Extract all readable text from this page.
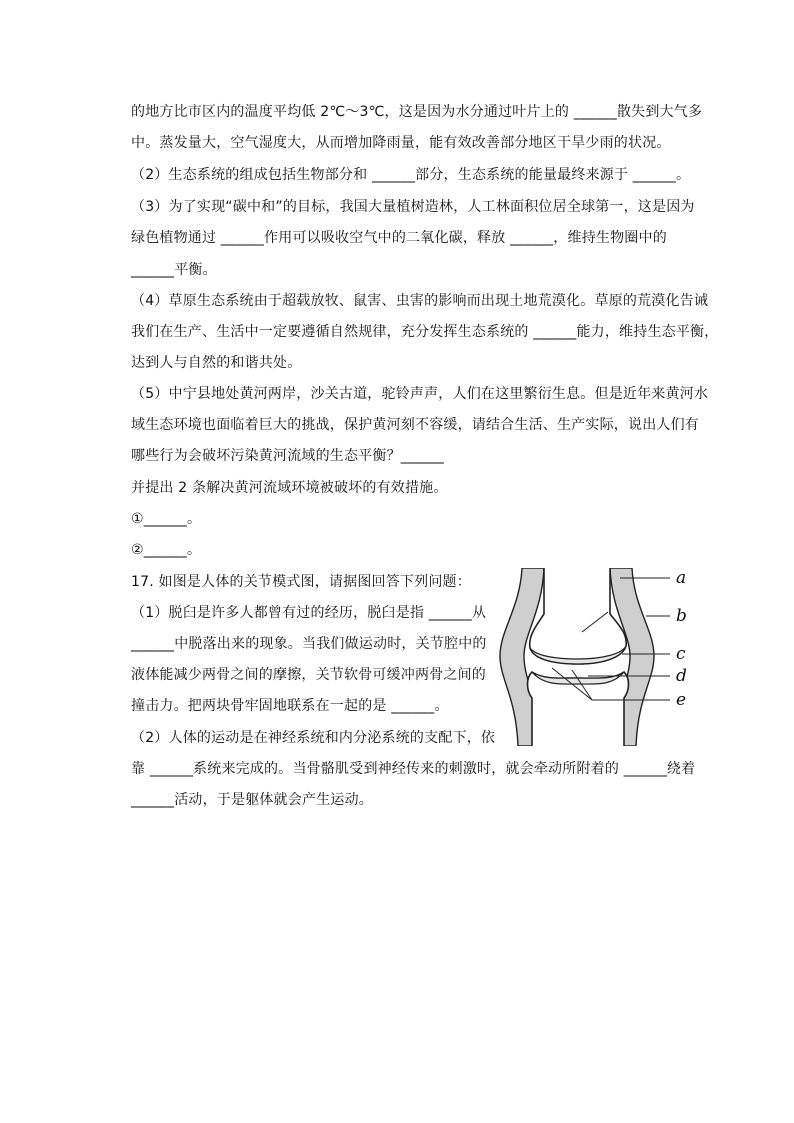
的地方比市区内的温度平均低 2℃～3℃，这是因为水分通过叶片上的 ______散失到大气多
中。蒸发量大，空气湿度大，从而增加降雨量，能有效改善部分地区干旱少雨的状况。
（2）生态系统的组成包括生物部分和 ______部分，生态系统的能量最终来源于 ______。
（3）为了实现“碳中和”的目标，我国大量植树造林，人工林面积位居全球第一，这是因为
绿色植物通过 ______作用可以吸收空气中的二氧化碳，释放 ______，维持生物圈中的
______平衡。
（4）草原生态系统由于超载放牧、鼠害、虫害的影响而出现土地荒漠化。草原的荒漠化告诫
我们在生产、生活中一定要遵循自然规律，充分发挥生态系统的 ______能力，维持生态平衡，
达到人与自然的和谐共处。
（5）中宁县地处黄河两岸，沙关古道，驼铃声声，人们在这里繁衍生息。但是近年来黄河水
域生态环境也面临着巨大的挑战，保护黄河刻不容缓，请结合生活、生产实际，说出人们有
哪些行为会破坏污染黄河流域的生态平衡？______
并提出 2 条解决黄河流域环境被破坏的有效措施。
①______。
②______。
17. 如图是人体的关节模式图，请据图回答下列问题：
（1）脱臼是许多人都曾有过的经历，脱臼是指 ______从
______中脱落出来的现象。当我们做运动时，关节腔中的
液体能减少两骨之间的摩擦，关节软骨可缓冲两骨之间的
撞击力。把两块骨牢固地联系在一起的是 ______。
（2）人体的运动是在神经系统和内分泌系统的支配下，依
靠 ______系统来完成的。当骨骼肌受到神经传来的刺激时，就会牵动所附着的 ______绕着
______活动，于是躯体就会产生运动。
a
b
c
d
e
